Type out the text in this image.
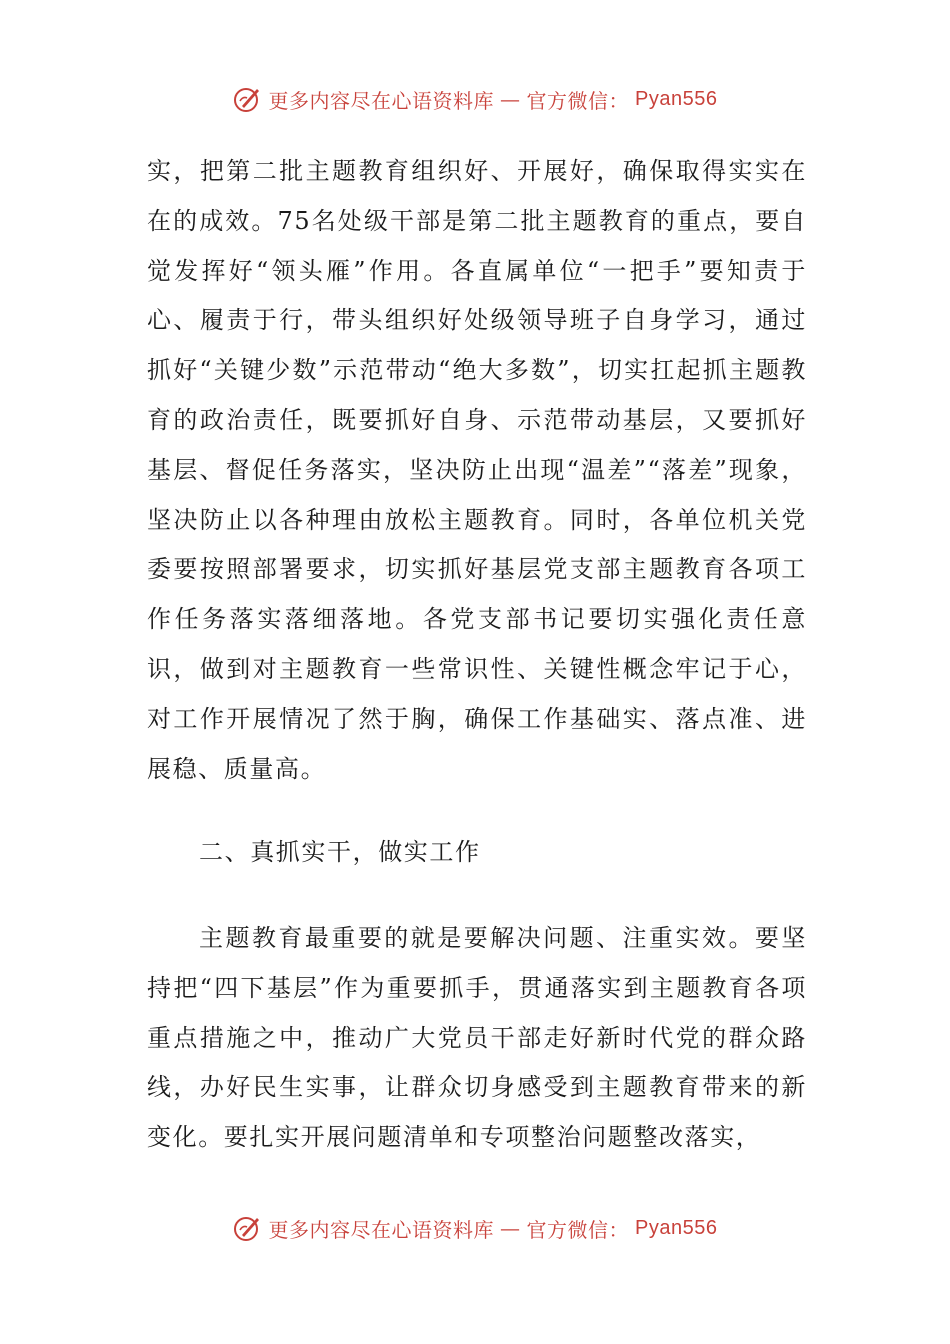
更多内容尽在心语资料库 — 官方微信： Pyan556

实，把第二批主题教育组织好、开展好，确保取得实实在在的成效。75名处级干部是第二批主题教育的重点，要自觉发挥好“领头雁”作用。各直属单位“一把手”要知责于心、履责于行，带头组织好处级领导班子自身学习，通过抓好“关键少数”示范带动“绝大多数”，切实扛起抓主题教育的政治责任，既要抓好自身、示范带动基层，又要抓好基层、督促任务落实，坚决防止出现“温差”“落差”现象，坚决防止以各种理由放松主题教育。同时，各单位机关党委要按照部署要求，切实抓好基层党支部主题教育各项工作任务落实落细落地。各党支部书记要切实强化责任意识，做到对主题教育一些常识性、关键性概念牢记于心，对工作开展情况了然于胸，确保工作基础实、落点准、进展稳、质量高。

二、真抓实干，做实工作

主题教育最重要的就是要解决问题、注重实效。要坚持把“四下基层”作为重要抓手，贯通落实到主题教育各项重点措施之中，推动广大党员干部走好新时代党的群众路线，办好民生实事，让群众切身感受到主题教育带来的新变化。要扎实开展问题清单和专项整治问题整改落实，

更多内容尽在心语资料库 — 官方微信： Pyan556
